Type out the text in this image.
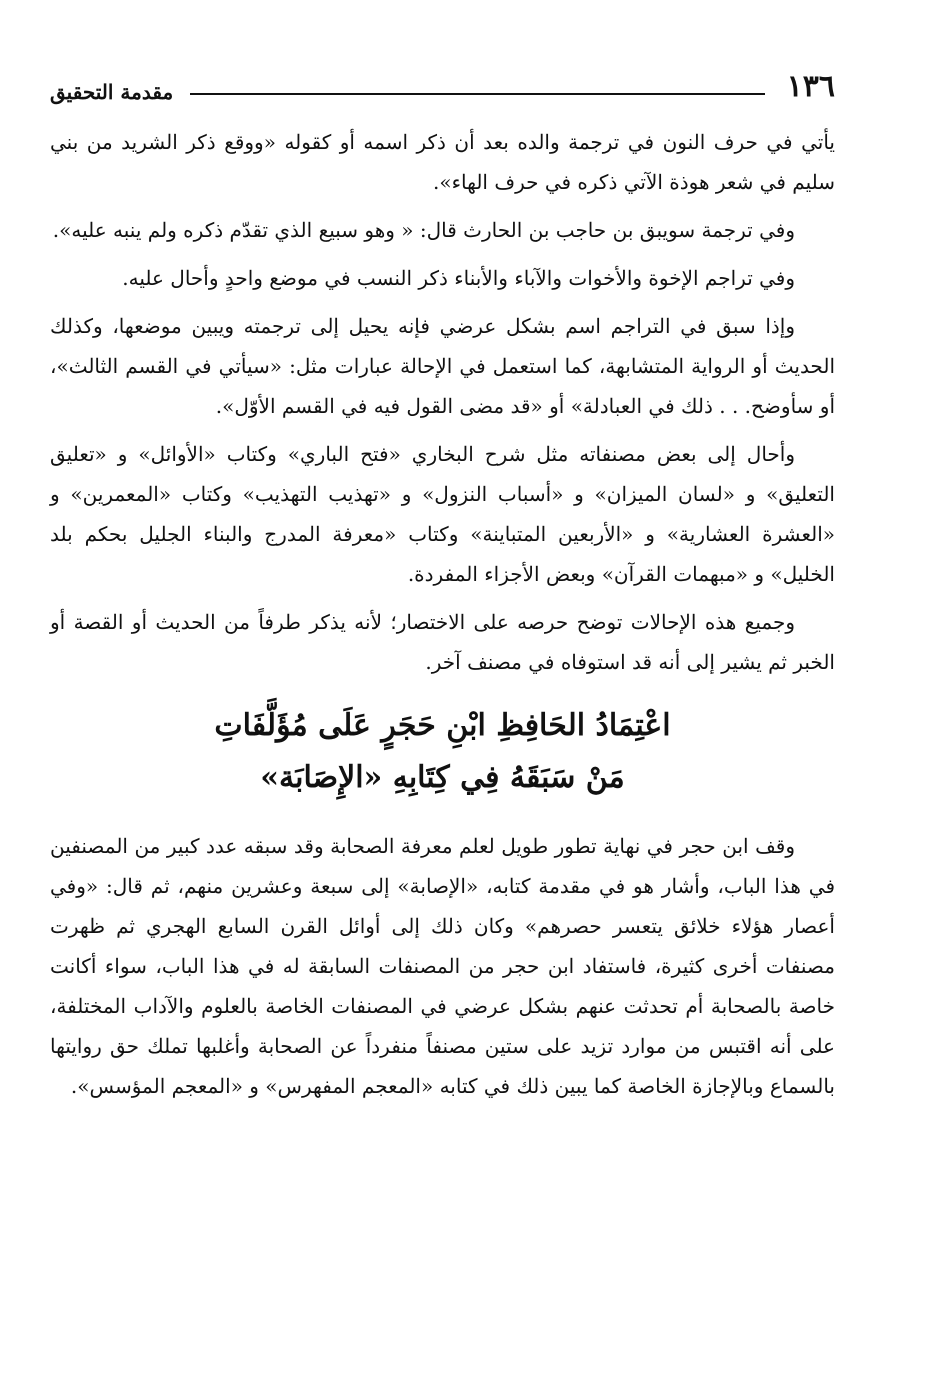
١٣٦
مقدمة التحقيق

يأتي في حرف النون في ترجمة والده بعد أن ذكر اسمه أو كقوله «ووقع ذكر الشريد من بني سليم في شعر هوذة الآتي ذكره في حرف الهاء».

وفي ترجمة سويبق بن حاجب بن الحارث قال: « وهو سبيع الذي تقدّم ذكره ولم ينبه عليه».

وفي تراجم الإخوة والأخوات والآباء والأبناء ذكر النسب في موضع واحدٍ وأحال عليه.

وإذا سبق في التراجم اسم بشكل عرضي فإنه يحيل إلى ترجمته ويبين موضعها، وكذلك الحديث أو الرواية المتشابهة، كما استعمل في الإحالة عبارات مثل: «سيأتي في القسم الثالث»، أو سأوضح. . . ذلك في العبادلة» أو «قد مضى القول فيه في القسم الأوّل».

وأحال إلى بعض مصنفاته مثل شرح البخاري «فتح الباري» وكتاب «الأوائل» و «تعليق التعليق» و «لسان الميزان» و «أسباب النزول» و «تهذيب التهذيب» وكتاب «المعمرين» و «العشرة العشارية» و «الأربعين المتباينة» وكتاب «معرفة المدرج والبناء الجليل بحكم بلد الخليل» و «مبهمات القرآن» وبعض الأجزاء المفردة.

وجميع هذه الإحالات توضح حرصه على الاختصار؛ لأنه يذكر طرفاً من الحديث أو القصة أو الخبر ثم يشير إلى أنه قد استوفاه في مصنف آخر.

اعْتِمَادُ الحَافِظِ ابْنِ حَجَرٍ عَلَى مُؤَلَّفَاتِ
مَنْ سَبَقَهُ فِي كِتَابِهِ «الإِصَابَة»

وقف ابن حجر في نهاية تطور طويل لعلم معرفة الصحابة وقد سبقه عدد كبير من المصنفين في هذا الباب، وأشار هو في مقدمة كتابه، «الإصابة» إلى سبعة وعشرين منهم، ثم قال: «وفي أعصار هؤلاء خلائق يتعسر حصرهم» وكان ذلك إلى أوائل القرن السابع الهجري ثم ظهرت مصنفات أخرى كثيرة، فاستفاد ابن حجر من المصنفات السابقة له في هذا الباب، سواء أكانت خاصة بالصحابة أم تحدثت عنهم بشكل عرضي في المصنفات الخاصة بالعلوم والآداب المختلفة، على أنه اقتبس من موارد تزيد على ستين مصنفاً منفرداً عن الصحابة وأغلبها تملك حق روايتها بالسماع وبالإجازة الخاصة كما يبين ذلك في كتابه «المعجم المفهرس» و «المعجم المؤسس».
